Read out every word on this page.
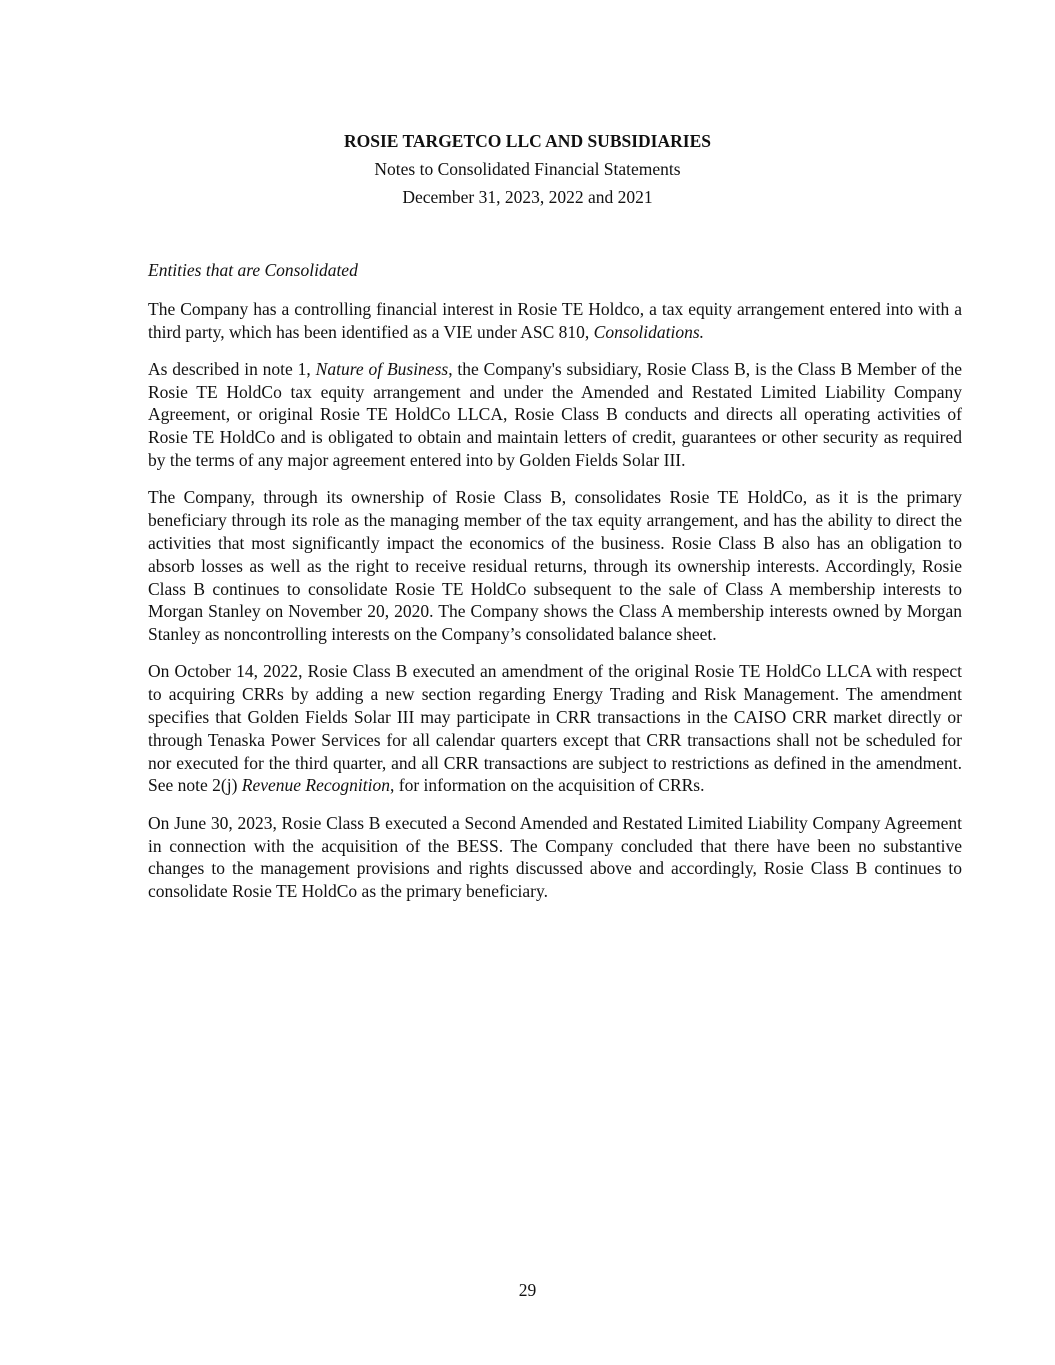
ROSIE TARGETCO LLC AND SUBSIDIARIES
Notes to Consolidated Financial Statements
December 31, 2023, 2022 and 2021
Entities that are Consolidated

The Company has a controlling financial interest in Rosie TE Holdco, a tax equity arrangement entered into with a third party, which has been identified as a VIE under ASC 810, Consolidations.

As described in note 1, Nature of Business, the Company's subsidiary, Rosie Class B, is the Class B Member of the Rosie TE HoldCo tax equity arrangement and under the Amended and Restated Limited Liability Company Agreement, or original Rosie TE HoldCo LLCA, Rosie Class B conducts and directs all operating activities of Rosie TE HoldCo and is obligated to obtain and maintain letters of credit, guarantees or other security as required by the terms of any major agreement entered into by Golden Fields Solar III.

The Company, through its ownership of Rosie Class B, consolidates Rosie TE HoldCo, as it is the primary beneficiary through its role as the managing member of the tax equity arrangement, and has the ability to direct the activities that most significantly impact the economics of the business. Rosie Class B also has an obligation to absorb losses as well as the right to receive residual returns, through its ownership interests. Accordingly, Rosie Class B continues to consolidate Rosie TE HoldCo subsequent to the sale of Class A membership interests to Morgan Stanley on November 20, 2020. The Company shows the Class A membership interests owned by Morgan Stanley as noncontrolling interests on the Company’s consolidated balance sheet.

On October 14, 2022, Rosie Class B executed an amendment of the original Rosie TE HoldCo LLCA with respect to acquiring CRRs by adding a new section regarding Energy Trading and Risk Management. The amendment specifies that Golden Fields Solar III may participate in CRR transactions in the CAISO CRR market directly or through Tenaska Power Services for all calendar quarters except that CRR transactions shall not be scheduled for nor executed for the third quarter, and all CRR transactions are subject to restrictions as defined in the amendment. See note 2(j) Revenue Recognition, for information on the acquisition of CRRs.

On June 30, 2023, Rosie Class B executed a Second Amended and Restated Limited Liability Company Agreement in connection with the acquisition of the BESS. The Company concluded that there have been no substantive changes to the management provisions and rights discussed above and accordingly, Rosie Class B continues to consolidate Rosie TE HoldCo as the primary beneficiary.

29
